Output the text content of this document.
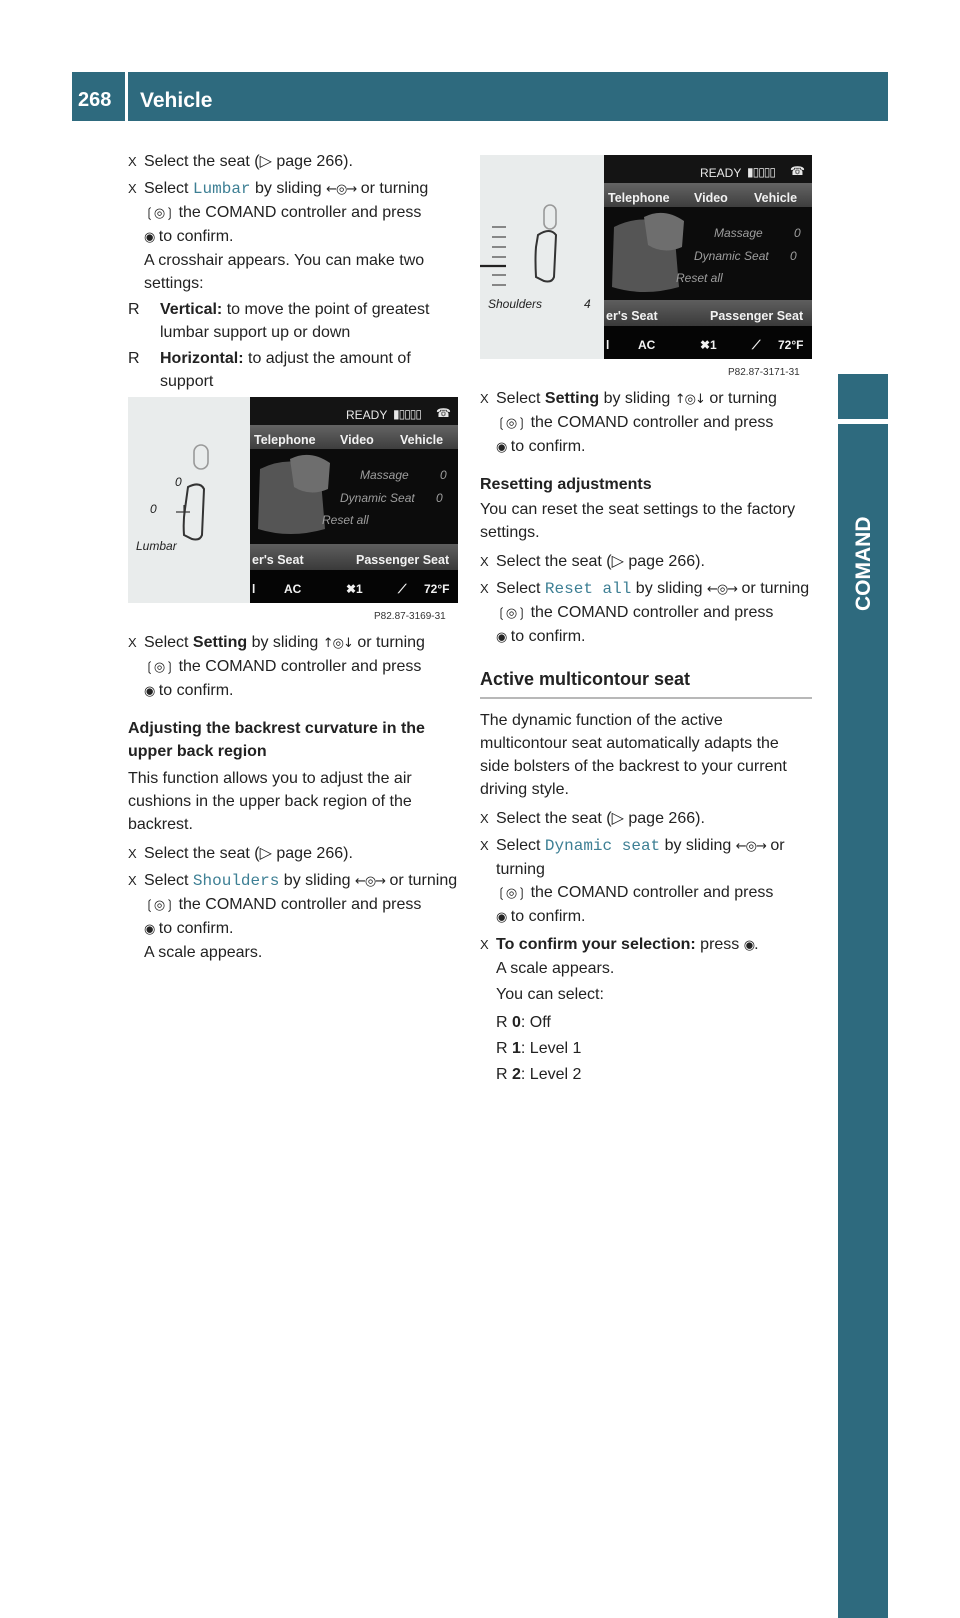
268 Vehicle
COMAND
X Select the seat (▷ page 266).
X Select Lumbar by sliding ←◎→ or turning
❲◎❳ the COMAND controller and press
◉ to confirm.
A crosshair appears. You can make two settings:
R	Vertical: to move the point of greatest lumbar support up or down
R	Horizontal: to adjust the amount of support
0
0
Lumbar
READY ▮▯▯▯▯ ☎
Telephone Video Vehicle
Massage	0
Dynamic Seat 0
Reset all
er's Seat	Passenger Seat
l AC	✖1	⟋ 72°F
P82.87-3169-31
X Select Setting by sliding ↑◎↓ or turning
❲◎❳ the COMAND controller and press
◉ to confirm.
Adjusting the backrest curvature in the upper back region
This function allows you to adjust the air cushions in the upper back region of the backrest.
X Select the seat (▷ page 266).
X Select Shoulders by sliding ←◎→ or turning
❲◎❳ the COMAND controller and press
◉ to confirm.
A scale appears.
Shoulders	4
READY ▮▯▯▯▯ ☎
Telephone Video Vehicle
Massage	0
Dynamic Seat 0
Reset all
er's Seat	Passenger Seat
l AC	✖1	⟋ 72°F
P82.87-3171-31
X Select Setting by sliding ↑◎↓ or turning
❲◎❳ the COMAND controller and press
◉ to confirm.
Resetting adjustments
You can reset the seat settings to the factory settings.
X Select the seat (▷ page 266).
X Select Reset all by sliding ←◎→ or turning
❲◎❳ the COMAND controller and press
◉ to confirm.
Active multicontour seat
The dynamic function of the active multicontour seat automatically adapts the side bolsters of the backrest to your current driving style.
X Select the seat (▷ page 266).
X Select Dynamic seat by sliding ←◎→ or turning
❲◎❳ the COMAND controller and press
◉ to confirm.
X To confirm your selection: press ◉.
A scale appears.
You can select:
R 0: Off
R 1: Level 1
R 2: Level 2
